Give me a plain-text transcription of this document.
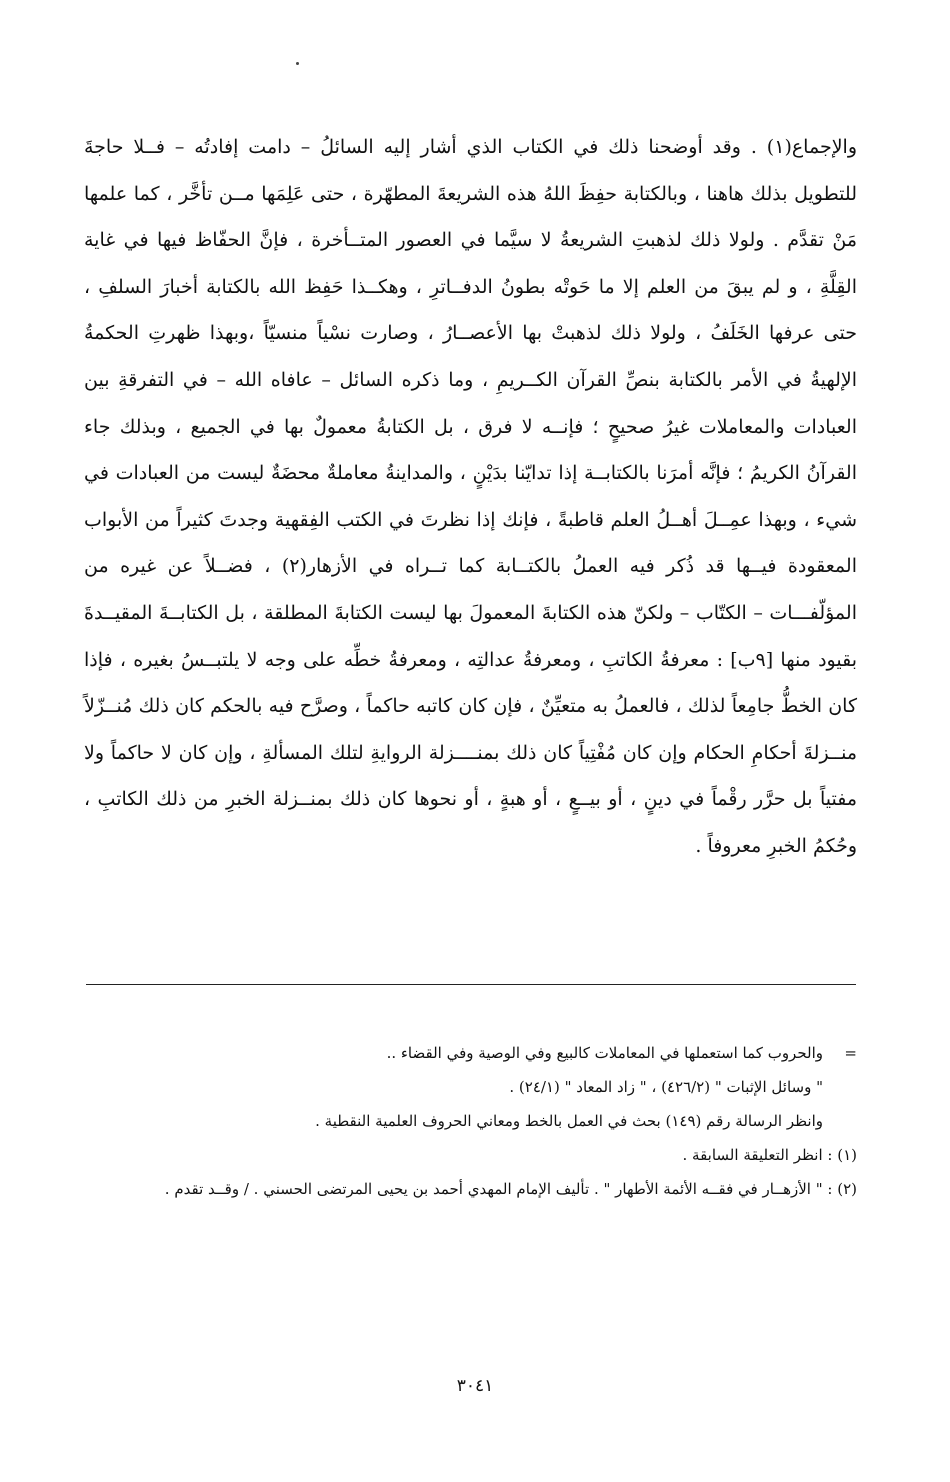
والإجماع(١) . وقد أوضحنا ذلك في الكتاب الذي أشار إليه السائلُ – دامت إفادتُه – فــلا حاجةَ للتطويل بذلك هاهنا ، وبالكتابة حفِظَ اللهُ هذه الشريعةَ المطهّرة ، حتى عَلِمَها مــن تأخَّر ، كما علمها مَنْ تقدَّم . ولولا ذلك لذهبتِ الشريعةُ لا سيَّما في العصور المتــأخرة ، فإنَّ الحفّاظ فيها في غاية القِلَّةِ ، و لم يبقَ من العلم إلا ما حَوتْه بطونُ الدفــاترِ ، وهكــذا حَفِظ الله بالكتابة أخبارَ السلفِ ، حتى عرفها الخَلَفُ ، ولولا ذلك لذهبتْ بها الأعصــارُ ، وصارت نسْياً منسيّاً ،وبهذا ظهرتِ الحكمةُ الإلهيةُ في الأمر بالكتابة بنصِّ القرآن الكــريمِ ، وما ذكره السائل – عافاه الله – في التفرقةِ بين العبادات والمعاملات غيرُ صحيحٍ ؛ فإنــه لا فرق ، بل الكتابةُ معمولٌ بها في الجميع ، وبذلك جاء القرآنُ الكريمُ ؛ فإنَّه أمرَنا بالكتابــة إذا تدايّنا بدَيْنٍ ، والمداينةُ معاملةٌ محضَةٌ ليست من العبادات في شيء ، وبهذا عمِــلَ أهــلُ العلم قاطبةً ، فإنك إذا نظرتَ في الكتب الفِقهية وجدتَ كثيراً من الأبواب المعقودة فيــها قد ذُكر فيه العملُ بالكتــابة كما تــراه في الأزهار(٢) ، فضــلاً عن غيره من المؤلّفـــات – الكتّاب – ولكنّ هذه الكتابةَ المعمولَ بها ليست الكتابةَ المطلقة ، بل الكتابــةَ المقيــدةَ بقيود منها [٩ب] : معرفةُ الكاتبِ ، ومعرفةُ عدالتِه ، ومعرفةُ خطِّه على وجه لا يلتبــسُ بغيره ، فإذا كان الخطُّ جامِعاً لذلك ، فالعملُ به متعيِّنٌ ، فإن كان كاتبه حاكماً ، وصرَّح فيه بالحكم كان ذلك مُنــزّلاً منــزلةَ أحكامِ الحكام وإن كان مُفْتِياً كان ذلك بمنــــزلة الروايةِ لتلك المسألةِ ، وإن كان لا حاكماً ولا مفتياً بل حرَّر رقْماً في دينٍ ، أو بيــعٍ ، أو هبةٍ ، أو نحوها كان ذلك بمنــزلة الخبرِ من ذلك الكاتبِ ، وحُكمُ الخبرِ معروفاً .

=والحروب كما استعملها في المعاملات كالبيع وفي الوصية وفي القضاء ..

" وسائل الإثبات " (٤٢٦/٢) ، " زاد المعاد " (٢٤/١) .

وانظر الرسالة رقم (١٤٩) بحث في العمل بالخط ومعاني الحروف العلمية النقطية .

(١) : انظر التعليقة السابقة .

(٢) : " الأزهــار في فقــه الأئمة الأطهار " . تأليف الإمام المهدي أحمد بن يحيى المرتضى الحسني . / وقــد تقدم .

٣٠٤١
